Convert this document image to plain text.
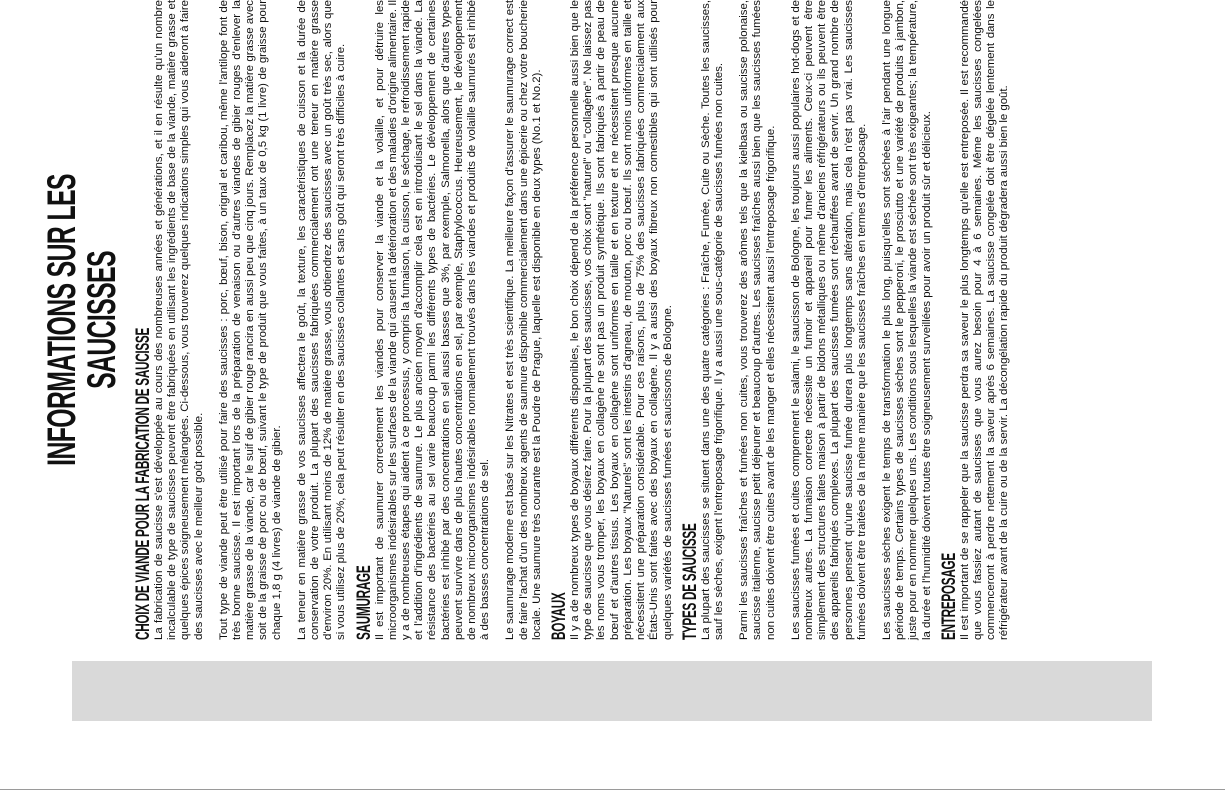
INFORMATIONS SUR LES SAUCISSES
CHOIX DE VIANDE POUR LA FABRICATION DE SAUCISSE La fabrication de saucisse s'est développée au cours des nombreuses années et générations, et il en résulte qu'un nombre incalculable de type de saucisses peuvent être fabriquées en utilisant les ingrédients de base de la viande, matière grasse et quelques épices soigneusement mélangées. Ci-dessous, vous trouverez quelques indications simples qui vous aideront à faire des saucisses avec le meilleur goût possible. Tout type de viande peut être utilisé pour faire des saucisses : porc, bœuf, bison, orignal et caribou, même l'antilope font de très bonne saucisse. Il est important lors de la préparation de venaison ou d'autres viandes de gibier rouges d'enlever la matière grasse de la viande, car le suif de gibier rouge rancira en aussi peu que cinq jours. Remplacez la matière grasse avec soit de la graisse de porc ou de bœuf, suivant le type de produit que vous faites, à un taux de 0,5 kg (1 livre) de graisse pour chaque 1,8 g (4 livres) de viande de gibier. La teneur en matière grasse de vos saucisses affectera le goût, la texture, les caractéristiques de cuisson et la durée de conservation de votre produit. La plupart des saucisses fabriquées commercialement ont une teneur en matière grasse d'environ 20%. En utilisant moins de 12% de matière grasse, vous obtiendrez des saucisses avec un goût très sec, alors que si vous utilisez plus de 20%, cela peut résulter en des saucisses collantes et sans goût qui seront très difficiles à cuire. SAUMURAGE Il est important de saumurer correctement les viandes pour conserver la viande et la volaille, et pour détruire les microorganismes indésirables sur les surfaces de la viande qui causent la détérioration et des maladies d'origine alimentaire. Il y a de nombreuses étapes qui aident à ce processus, y compris la fumaison, la cuisson, le séchage, le refroidissement rapide et l'addition d'ingrédients de saumure. Le plus ancien moyen d'accomplir cela est en introduisant le sel dans la viande. La résistance des bactéries au sel varie beaucoup parmi les différents types de bactéries. Le développement de certaines bactéries est inhibé par des concentrations en sel aussi basses que 3%, par exemple, Salmonella, alors que d'autres types peuvent survivre dans de plus hautes concentrations en sel, par exemple, Staphylococcus. Heureusement, le développement de nombreux microorganismes indésirables normalement trouvés dans les viandes et produits de volaille saumurés est inhibé à des basses concentrations de sel. Le saumurage moderne est basé sur les Nitrates et est très scientifique. La meilleure façon d'assurer le saumurage correct est de faire l'achat d'un des nombreux agents de saumure disponible commercialement dans une épicerie ou chez votre boucherie locale. Une saumure très courante est la Poudre de Prague, laquelle est disponible en deux types (No.1 et No.2). BOYAUX Il y a de nombreux types de boyaux différents disponibles, le bon choix dépend de la préférence personnelle aussi bien que le type de saucisse que vous désirez faire. Pour la plupart des saucisses, vos choix sont "naturel" ou "collagène". Ne laissez pas les noms vous tromper, les boyaux en collagène ne sont pas un produit synthétique. Ils sont fabriqués à partir de peau de bœuf et d'autres tissus. Les boyaux en collagène sont uniformes en taille et en texture et ne nécessitent presque aucune préparation. Les boyaux "Naturels" sont les intestins d'agneau, de mouton, porc ou bœuf. Ils sont moins uniformes en taille et nécessitent une préparation considérable. Pour ces raisons, plus de 75% des saucisses fabriquées commercialement aux États-Unis sont faites avec des boyaux en collagène. Il y a aussi des boyaux fibreux non comestibles qui sont utilisés pour quelques variétés de saucisses fumées et saucissons de Bologne. TYPES DE SAUCISSE La plupart des saucisses se situent dans une des quatre catégories : Fraîche, Fumée, Cuite ou Sèche. Toutes les saucisses, sauf les sèches, exigent l'entreposage frigorifique. Il y a aussi une sous-catégorie de saucisses fumées non cuites. Parmi les saucisses fraîches et fumées non cuites, vous trouverez des arômes tels que la kielbasa ou saucisse polonaise, saucisse italienne, saucisse petit déjeuner et beaucoup d'autres. Les saucisses fraîches aussi bien que les saucisses fumées non cuites doivent être cuites avant de les manger et elles nécessitent aussi l'entreposage frigorifique. Les saucisses fumées et cuites comprennent le salami, le saucisson de Bologne, les toujours aussi populaires hot-dogs et de nombreux autres. La fumaison correcte nécessite un fumoir et appareil pour fumer les aliments. Ceux-ci peuvent être simplement des structures faites maison à partir de bidons métalliques ou même d'anciens réfrigérateurs ou ils peuvent être des appareils fabriqués complexes. La plupart des saucisses fumées sont réchauffées avant de servir. Un grand nombre de personnes pensent qu'une saucisse fumée durera plus longtemps sans altération, mais cela n'est pas vrai. Les saucisses fumées doivent être traitées de la même manière que les saucisses fraîches en termes d'entreposage. Les saucisses sèches exigent le temps de transformation le plus long, puisqu'elles sont séchées à l'air pendant une longue période de temps. Certains types de saucisses sèches sont le pepperoni, le prosciutto et une variété de produits à jambon, juste pour en nommer quelques uns. Les conditions sous lesquelles la viande est séchée sont très exigeantes; la température, la durée et l'humidité doivent toutes être soigneusement surveillées pour avoir un produit sûr et délicieux. ENTREPOSAGE Il est important de se rappeler que la saucisse perdra sa saveur le plus longtemps qu'elle est entreposée. Il est recommandé que vous fassiez autant de saucisses que vous aurez besoin pour 4 à 6 semaines. Même les saucisses congelées commenceront à perdre nettement la saveur après 6 semaines. La saucisse congelée doit être dégelée lentement dans le réfrigérateur avant de la cuire ou de la servir. La décongélation rapide du produit dégradera aussi bien le goût.
